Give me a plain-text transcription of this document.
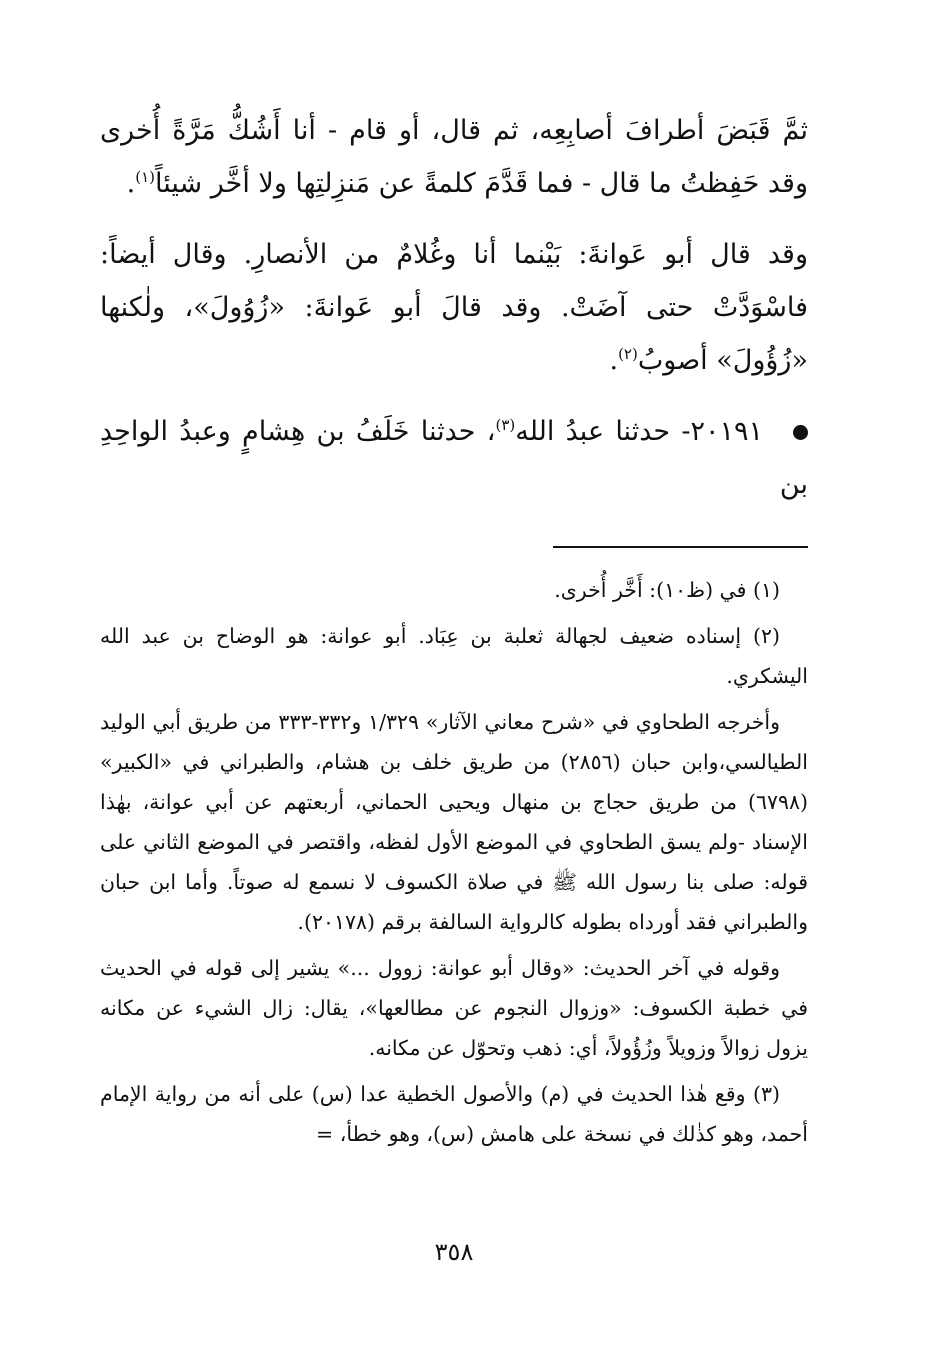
ثمَّ قَبَضَ أطرافَ أصابِعِه، ثم قال، أو قام - أنا أَشُكُّ مَرَّةً أُخرى وقد حَفِظتُ ما قال - فما قَدَّمَ كلمةً عن مَنزِلتِها ولا أخَّر شيئاً$^{(١)}$.

وقد قال أبو عَوانةَ: بَيْنما أنا وغُلامٌ من الأنصارِ. وقال أيضاً: فاسْوَدَّتْ حتى آضَتْ. وقد قالَ أبو عَوانةَ: «زُوُولَ»، ولٰكنها «زُؤُولَ» أصوبُ$^{(٢)}$.

٢٠١٩١- حدثنا عبدُ الله$^{(٣)}$، حدثنا خَلَفُ بن هِشامٍ وعبدُ الواحِدِ بن

(١) في (ظ١٠): أَخَّر أُخرى.

(٢) إسناده ضعيف لجهالة ثعلبة بن عِبَاد. أبو عوانة: هو الوضاح بن عبد الله اليشكري.

وأخرجه الطحاوي في «شرح معاني الآثار» ١/٣٢٩ و٣٣٢-٣٣٣ من طريق أبي الوليد الطيالسي،وابن حبان (٢٨٥٦) من طريق خلف بن هشام، والطبراني في «الكبير» (٦٧٩٨) من طريق حجاج بن منهال ويحيى الحماني، أربعتهم عن أبي عوانة، بهٰذا الإسناد -ولم يسق الطحاوي في الموضع الأول لفظه، واقتصر في الموضع الثاني على قوله: صلى بنا رسول الله ﷺ في صلاة الكسوف لا نسمع له صوتاً. وأما ابن حبان والطبراني فقد أورداه بطوله كالرواية السالفة برقم (٢٠١٧٨).

وقوله في آخر الحديث: «وقال أبو عوانة: زوول ...» يشير إلى قوله في الحديث في خطبة الكسوف: «وزوال النجوم عن مطالعها»، يقال: زال الشيء عن مكانه يزول زوالاً وزويلاً وزُؤُولاً، أي: ذهب وتحوّل عن مكانه.

(٣) وقع هٰذا الحديث في (م) والأصول الخطية عدا (س) على أنه من رواية الإمام أحمد، وهو كذٰلك في نسخة على هامش (س)، وهو خطأ، =

٣٥٨
